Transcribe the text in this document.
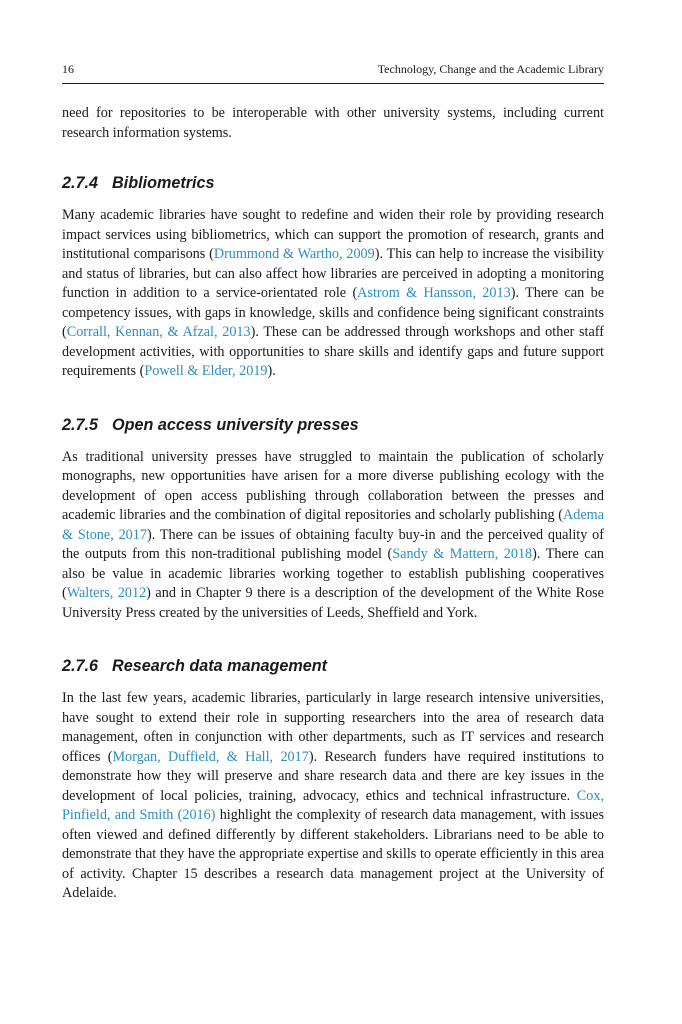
16	Technology, Change and the Academic Library

need for repositories to be interoperable with other university systems, including current research information systems.

2.7.4 Bibliometrics

Many academic libraries have sought to redefine and widen their role by providing research impact services using bibliometrics, which can support the promotion of research, grants and institutional comparisons (Drummond & Wartho, 2009). This can help to increase the visibility and status of libraries, but can also affect how libraries are perceived in adopting a monitoring function in addition to a service-orientated role (Astrom & Hansson, 2013). There can be competency issues, with gaps in knowledge, skills and confidence being significant constraints (Corrall, Kennan, & Afzal, 2013). These can be addressed through workshops and other staff development activities, with opportunities to share skills and identify gaps and future support requirements (Powell & Elder, 2019).

2.7.5 Open access university presses

As traditional university presses have struggled to maintain the publication of scholarly monographs, new opportunities have arisen for a more diverse publishing ecology with the development of open access publishing through collaboration between the presses and academic libraries and the combination of digital repositories and scholarly publishing (Adema & Stone, 2017). There can be issues of obtaining faculty buy-in and the perceived quality of the outputs from this non-traditional publishing model (Sandy & Mattern, 2018). There can also be value in academic libraries working together to establish publishing cooperatives (Walters, 2012) and in Chapter 9 there is a description of the development of the White Rose University Press created by the universities of Leeds, Sheffield and York.

2.7.6 Research data management

In the last few years, academic libraries, particularly in large research intensive universities, have sought to extend their role in supporting researchers into the area of research data management, often in conjunction with other departments, such as IT services and research offices (Morgan, Duffield, & Hall, 2017). Research funders have required institutions to demonstrate how they will preserve and share research data and there are key issues in the development of local policies, training, advocacy, ethics and technical infrastructure. Cox, Pinfield, and Smith (2016) highlight the complexity of research data management, with issues often viewed and defined differently by different stakeholders. Librarians need to be able to demonstrate that they have the appropriate expertise and skills to operate efficiently in this area of activity. Chapter 15 describes a research data management project at the University of Adelaide.
